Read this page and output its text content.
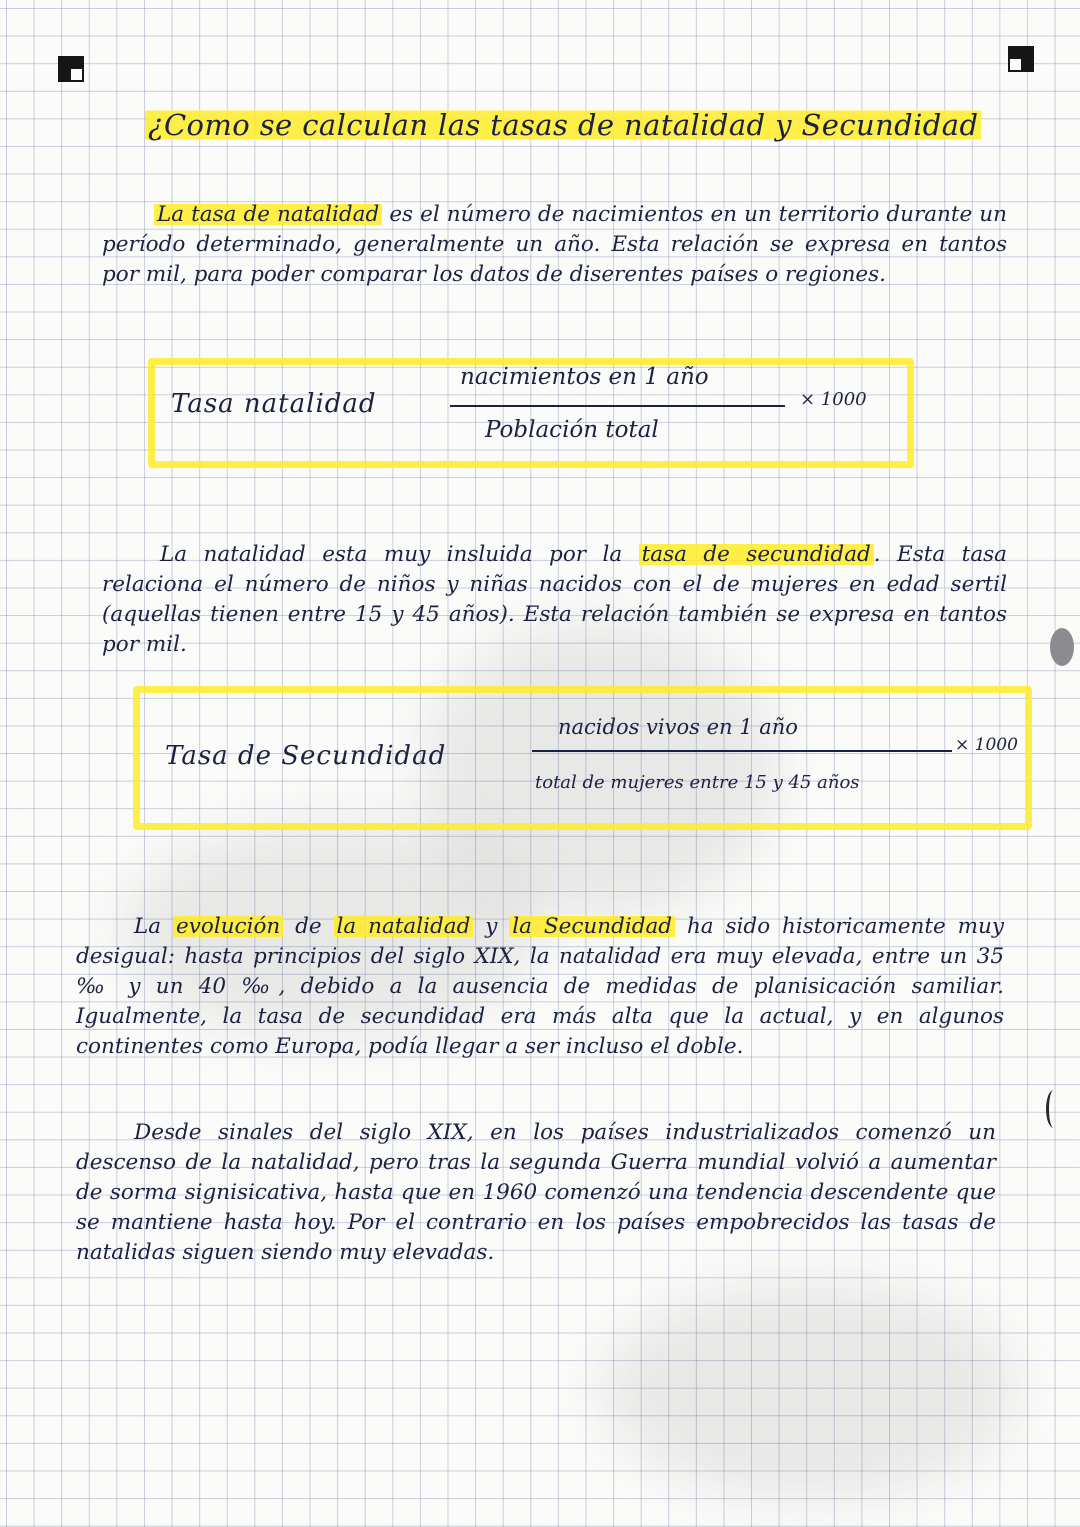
¿Como se calculan las tasas de natalidad y Secundidad
La tasa de natalidad es el número de nacimientos en un territorio durante un período determinado, generalmente un año. Esta relación se expresa en tantos por mil, para poder comparar los datos de diserentes países o regiones.
Tasa natalidad
nacimientos en 1 año
Población total
× 1000
La natalidad esta muy insluida por la tasa de secundidad . Esta tasa relaciona el número de niños y niñas nacidos con el de mujeres en edad sertil (aquellas tienen entre 15 y 45 años). Esta relación también se expresa en tantos por mil.
Tasa de Secundidad
nacidos vivos en 1 año
total de mujeres entre 15 y 45 años
× 1000
La evolución de la natalidad y la Secundidad ha sido historicamente muy desigual: hasta principios del siglo XIX, la natalidad era muy elevada, entre un 35 ‰ y un 40 ‰, debido a la ausencia de medidas de planisicación samiliar. Igualmente, la tasa de secundidad era más alta que la actual, y en algunos continentes como Europa, podía llegar a ser incluso el doble.
Desde sinales del siglo XIX, en los países industrializados comenzó un descenso de la natalidad, pero tras la segunda Guerra mundial volvió a aumentar de sorma signisicativa, hasta que en 1960 comenzó una tendencia descendente que se mantiene hasta hoy. Por el contrario en los países empobrecidos las tasas de natalidas siguen siendo muy elevadas.
